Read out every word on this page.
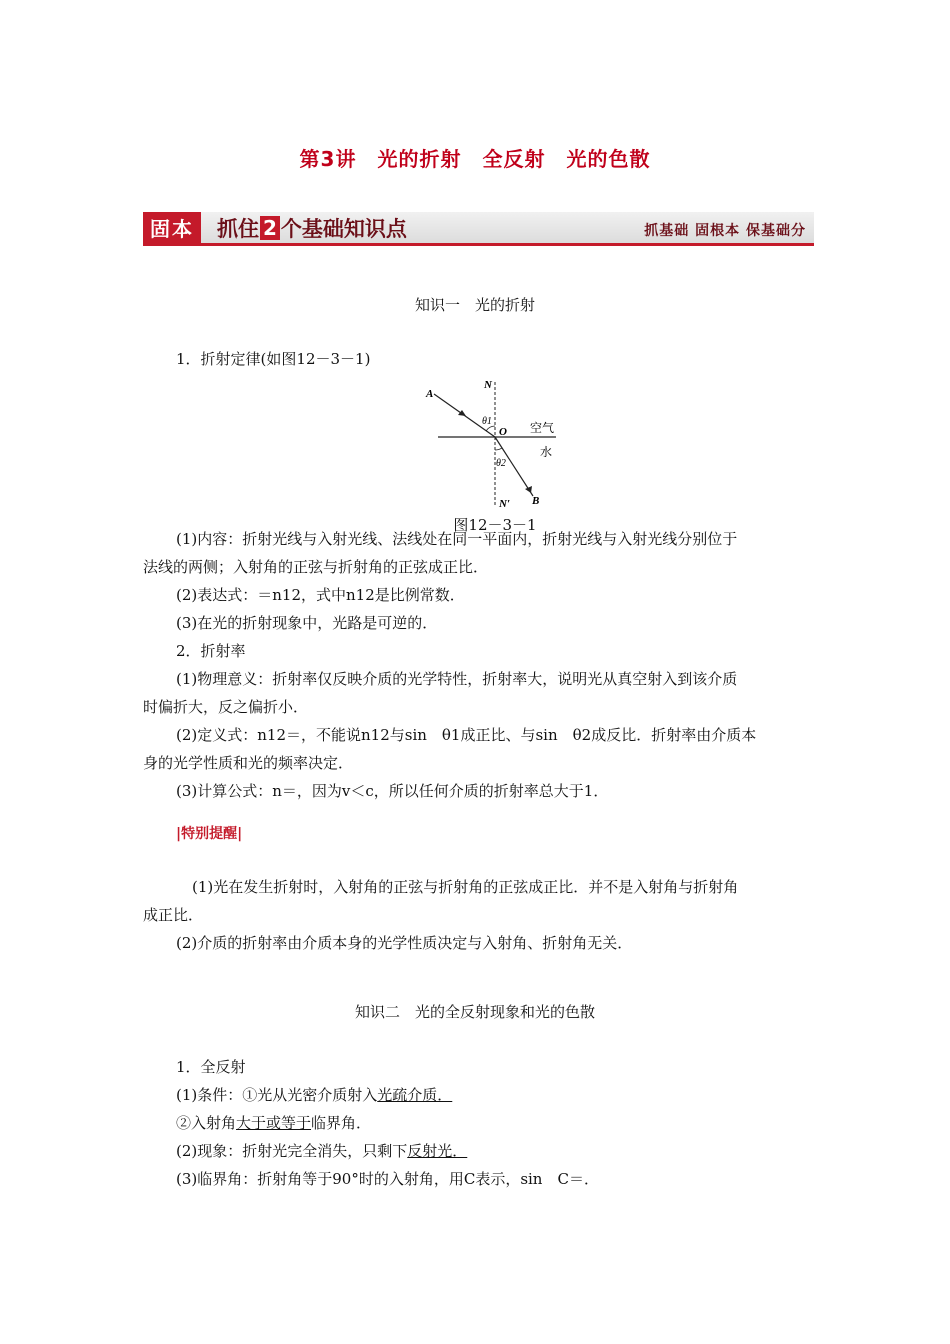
第3讲　光的折射　全反射　光的色散
固本	抓住 2 个基础知识点	抓基础 固根本 保基础分
知识一　光的折射
1．折射定律(如图12－3－1)
A
N
θ1
O 空气
水
θ2
N′ B
图12－3－1
(1)内容：折射光线与入射光线、法线处在同一平面内，折射光线与入射光线分别位于
法线的两侧；入射角的正弦与折射角的正弦成正比．
(2)表达式：＝n12，式中n12是比例常数．
(3)在光的折射现象中，光路是可逆的．
2．折射率
(1)物理意义：折射率仅反映介质的光学特性，折射率大，说明光从真空射入到该介质
时偏折大，反之偏折小．
(2)定义式：n12＝，不能说n12与sin　θ1成正比、与sin　θ2成反比．折射率由介质本
身的光学性质和光的频率决定．
(3)计算公式：n＝，因为v＜c，所以任何介质的折射率总大于1．
|特别提醒|
(1)光在发生折射时，入射角的正弦与折射角的正弦成正比．并不是入射角与折射角
成正比．
(2)介质的折射率由介质本身的光学性质决定与入射角、折射角无关．
知识二　光的全反射现象和光的色散
1．全反射
(1)条件：①光从光密介质射入光疏介质．
②入射角大于或等于临界角．
(2)现象：折射光完全消失，只剩下反射光．
(3)临界角：折射角等于90°时的入射角，用C表示，sin　C＝．
